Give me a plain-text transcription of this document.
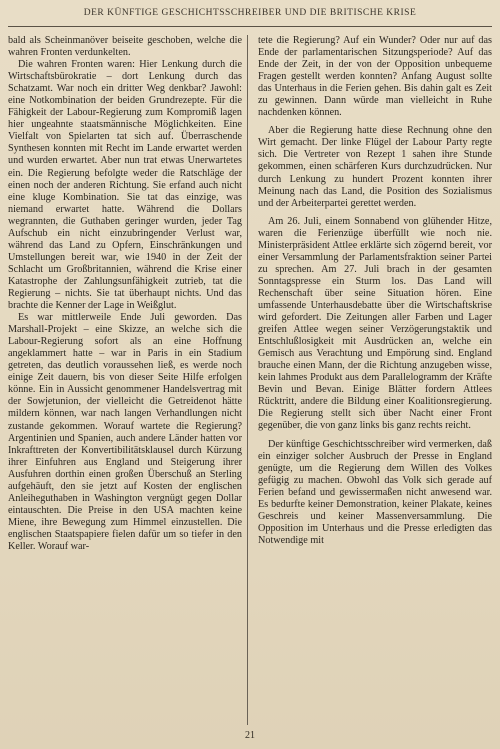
DER KÜNFTIGE GESCHICHTSSCHREIBER UND DIE BRITISCHE KRISE

bald als Scheinmanöver beiseite geschoben, welche die wahren Fronten verdunkelten.

Die wahren Fronten waren: Hier Lenkung durch die Wirtschaftsbürokratie – dort Lenkung durch das Schatzamt. War noch ein dritter Weg denkbar? Jawohl: eine Notkombination der beiden Grundrezepte. Für die Fähigkeit der Labour-Regierung zum Kompromiß lagen hier ungeahnte staatsmännische Möglichkeiten. Eine Vielfalt von Spielarten tat sich auf. Überraschende Synthesen konnten mit Recht im Lande erwartet werden und wurden erwartet. Aber nun trat etwas Unerwartetes ein. Die Regierung befolgte weder die Ratschläge der einen noch der anderen Richtung. Sie erfand auch nicht eine kluge Kombination. Sie tat das einzige, was niemand erwartet hatte. Während die Dollars wegrannten, die Guthaben geringer wurden, jeder Tag Aufschub ein nicht einzubringender Verlust war, während das Land zu Opfern, Einschränkungen und Umstellungen bereit war, wie 1940 in der Zeit der Schlacht um Großbritannien, während die Krise einer Katastrophe der Zahlungsunfähigkeit zutrieb, tat die Regierung – nichts. Sie tat überhaupt nichts. Und das brachte die Kenner der Lage in Weißglut.

Es war mittlerweile Ende Juli geworden. Das Marshall-Projekt – eine Skizze, an welche sich die Labour-Regierung sofort als an eine Hoffnung angeklammert hatte – war in Paris in ein Stadium getreten, das deutlich voraussehen ließ, es werde noch einige Zeit dauern, bis von dieser Seite Hilfe erfolgen könne. Ein in Aussicht genommener Handelsvertrag mit der Sowjetunion, der vielleicht die Getreidenot hätte mildern können, war nach langen Verhandlungen nicht zustande gekommen. Worauf wartete die Regierung? Argentinien und Spanien, auch andere Länder hatten vor Inkrafttreten der Konvertibilitätsklausel durch Kürzung ihrer Einfuhren aus England und Steigerung ihrer Ausfuhren dorthin einen großen Überschuß an Sterling aufgehäuft, den sie jetzt auf Kosten der englischen Anleiheguthaben in Washington vergnügt gegen Dollar eintauschten. Die Preise in den USA machten keine Miene, ihre Bewegung zum Himmel einzustellen. Die englischen Staatspapiere fielen dafür um so tiefer in den Keller. Worauf war-

tete die Regierung? Auf ein Wunder? Oder nur auf das Ende der parlamentarischen Sitzungsperiode? Auf das Ende der Zeit, in der von der Opposition unbequeme Fragen gestellt werden konnten? Anfang August sollte das Unterhaus in die Ferien gehen. Bis dahin galt es Zeit zu gewinnen. Dann würde man vielleicht in Ruhe nachdenken können.

Aber die Regierung hatte diese Rechnung ohne den Wirt gemacht. Der linke Flügel der Labour Party regte sich. Die Vertreter von Rezept 1 sahen ihre Stunde gekommen, einen schärferen Kurs durchzudrücken. Nur durch Lenkung zu hundert Prozent konnten ihrer Meinung nach das Land, die Position des Sozialismus und der Arbeiterpartei gerettet werden.

Am 26. Juli, einem Sonnabend von glühender Hitze, waren die Ferienzüge überfüllt wie noch nie. Ministerpräsident Attlee erklärte sich zögernd bereit, vor einer Versammlung der Parlamentsfraktion seiner Partei zu sprechen. Am 27. Juli brach in der gesamten Sonntagspresse ein Sturm los. Das Land will Rechenschaft über seine Situation hören. Eine umfassende Unterhausdebatte über die Wirtschaftskrise wird gefordert. Die Zeitungen aller Farben und Lager greifen Attlee wegen seiner Verzögerungstaktik und Entschlußlosigkeit mit Ausdrücken an, welche ein Gemisch aus Verachtung und Empörung sind. England brauche einen Mann, der die Richtung anzugeben wisse, kein lahmes Produkt aus dem Parallelogramm der Kräfte Bevin und Bevan. Einige Blätter fordern Attlees Rücktritt, andere die Bildung einer Koalitionsregierung. Die Regierung stellt sich über Nacht einer Front gegenüber, die von ganz links bis ganz rechts reicht.

Der künftige Geschichtsschreiber wird vermerken, daß ein einziger solcher Ausbruch der Presse in England genügte, um die Regierung dem Willen des Volkes gefügig zu machen. Obwohl das Volk sich gerade auf Ferien befand und gewissermaßen nicht anwesend war. Es bedurfte keiner Demonstration, keiner Plakate, keines Geschreis und keiner Massenversammlung. Die Opposition im Unterhaus und die Presse erledigten das Notwendige mit

21
